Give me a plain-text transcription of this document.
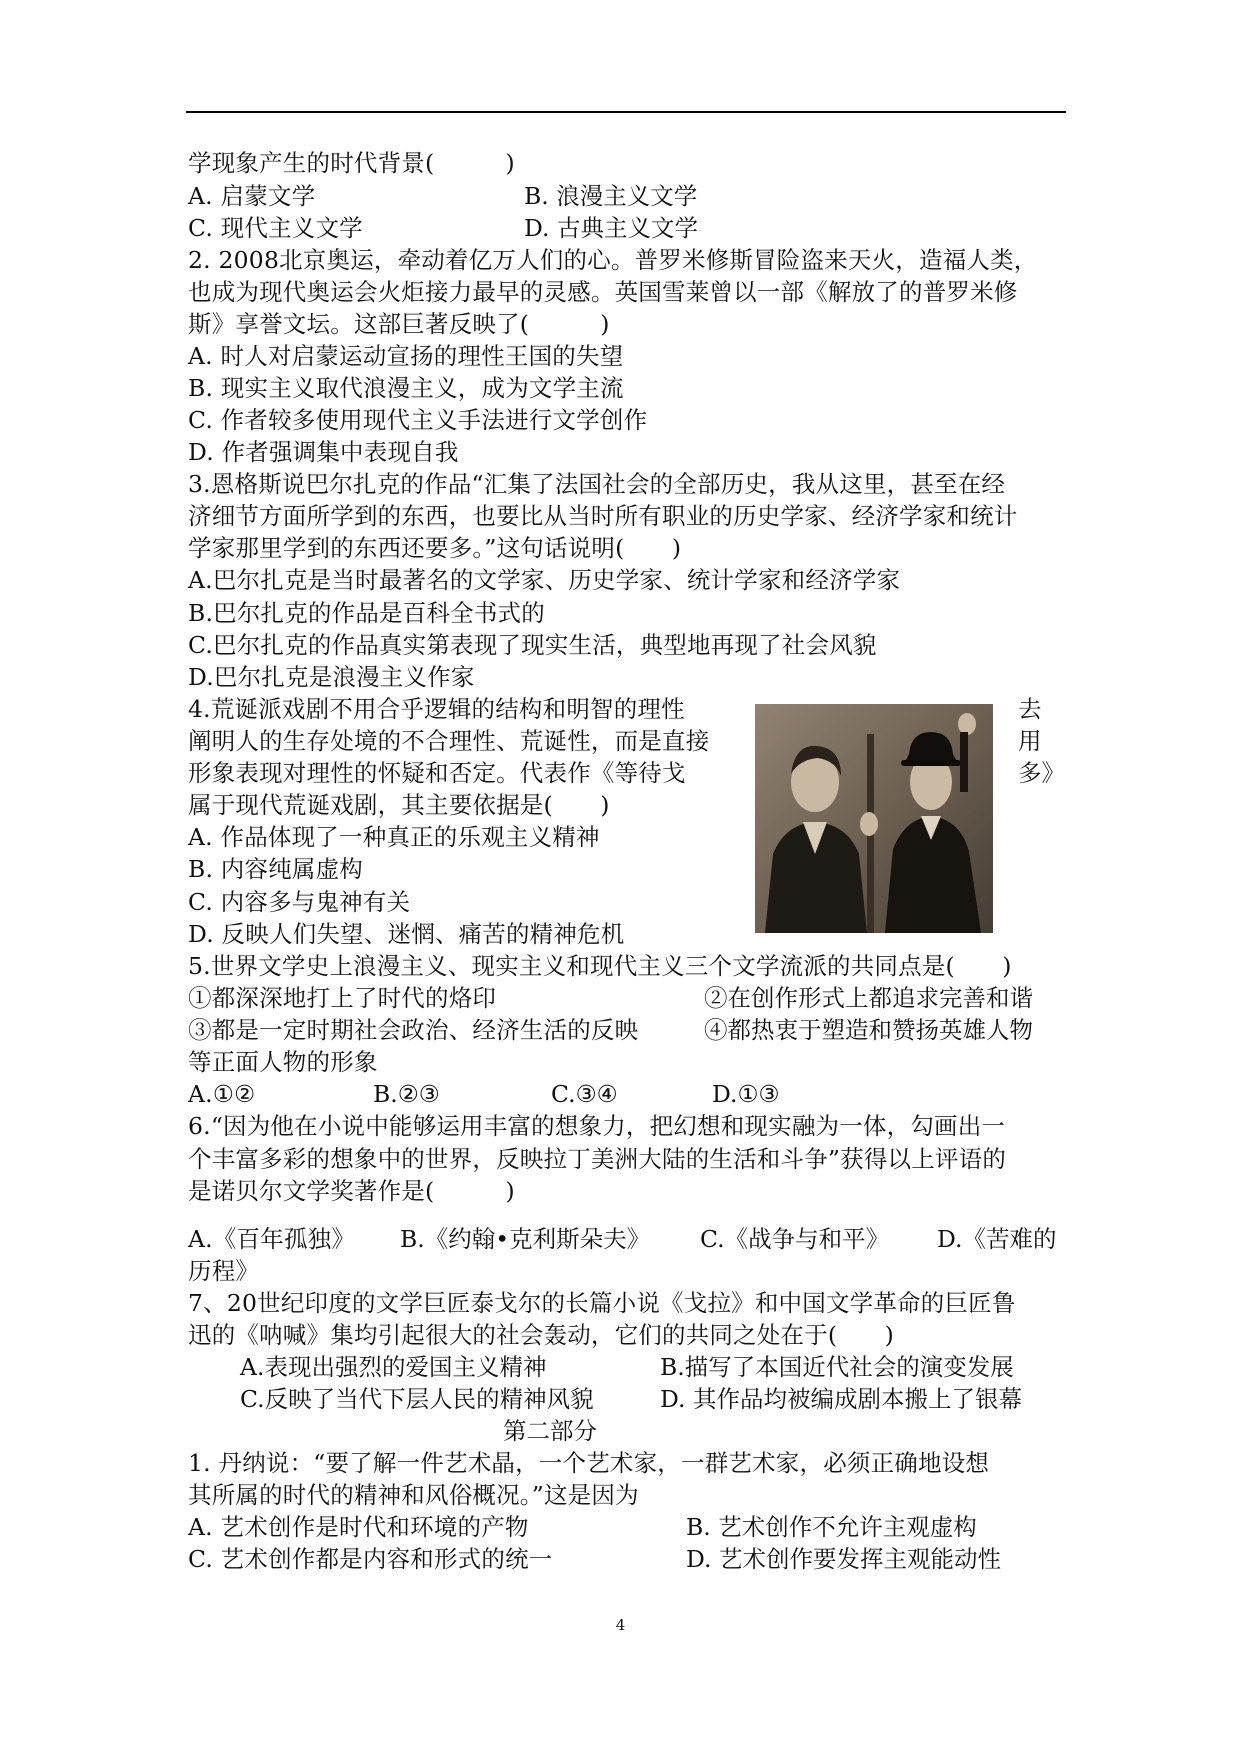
学现象产生的时代背景(　　　)
A. 启蒙文学	B. 浪漫主义文学
C. 现代主义文学	D. 古典主义文学
2. 2008北京奥运，牵动着亿万人们的心。普罗米修斯冒险盗来天火，造福人类，
也成为现代奥运会火炬接力最早的灵感。英国雪莱曾以一部《解放了的普罗米修
斯》享誉文坛。这部巨著反映了(　　　)
A. 时人对启蒙运动宣扬的理性王国的失望
B. 现实主义取代浪漫主义，成为文学主流
C. 作者较多使用现代主义手法进行文学创作
D. 作者强调集中表现自我
3.恩格斯说巴尔扎克的作品“汇集了法国社会的全部历史，我从这里，甚至在经
济细节方面所学到的东西，也要比从当时所有职业的历史学家、经济学家和统计
学家那里学到的东西还要多。”这句话说明(　　)
A.巴尔扎克是当时最著名的文学家、历史学家、统计学家和经济学家
B.巴尔扎克的作品是百科全书式的
C.巴尔扎克的作品真实第表现了现实生活，典型地再现了社会风貌
D.巴尔扎克是浪漫主义作家
4.荒诞派戏剧不用合乎逻辑的结构和明智的理性	去
阐明人的生存处境的不合理性、荒诞性，而是直接	用
形象表现对理性的怀疑和否定。代表作《等待戈	多》
属于现代荒诞戏剧，其主要依据是(　　)
A. 作品体现了一种真正的乐观主义精神
B. 内容纯属虚构
C. 内容多与鬼神有关
D. 反映人们失望、迷惘、痛苦的精神危机
5.世界文学史上浪漫主义、现实主义和现代主义三个文学流派的共同点是(　　)
①都深深地打上了时代的烙印	②在创作形式上都追求完善和谐
③都是一定时期社会政治、经济生活的反映	④都热衷于塑造和赞扬英雄人物
等正面人物的形象
A.①②	B.②③	C.③④	D.①③
6.“因为他在小说中能够运用丰富的想象力，把幻想和现实融为一体，勾画出一
个丰富多彩的想象中的世界，反映拉丁美洲大陆的生活和斗争”获得以上评语的
是诺贝尔文学奖著作是(　　　)
A.《百年孤独》 B.《约翰•克利斯朵夫》 C.《战争与和平》 D.《苦难的
历程》
7、20世纪印度的文学巨匠泰戈尔的长篇小说《戈拉》和中国文学革命的巨匠鲁
迅的《呐喊》集均引起很大的社会轰动，它们的共同之处在于(　　)
A.表现出强烈的爱国主义精神	B.描写了本国近代社会的演变发展
C.反映了当代下层人民的精神风貌	D. 其作品均被编成剧本搬上了银幕
第二部分
1. 丹纳说：“要了解一件艺术晶，一个艺术家，一群艺术家，必须正确地设想
其所属的时代的精神和风俗概况。”这是因为
A. 艺术创作是时代和环境的产物	B. 艺术创作不允许主观虚构
C. 艺术创作都是内容和形式的统一	D. 艺术创作要发挥主观能动性
4
